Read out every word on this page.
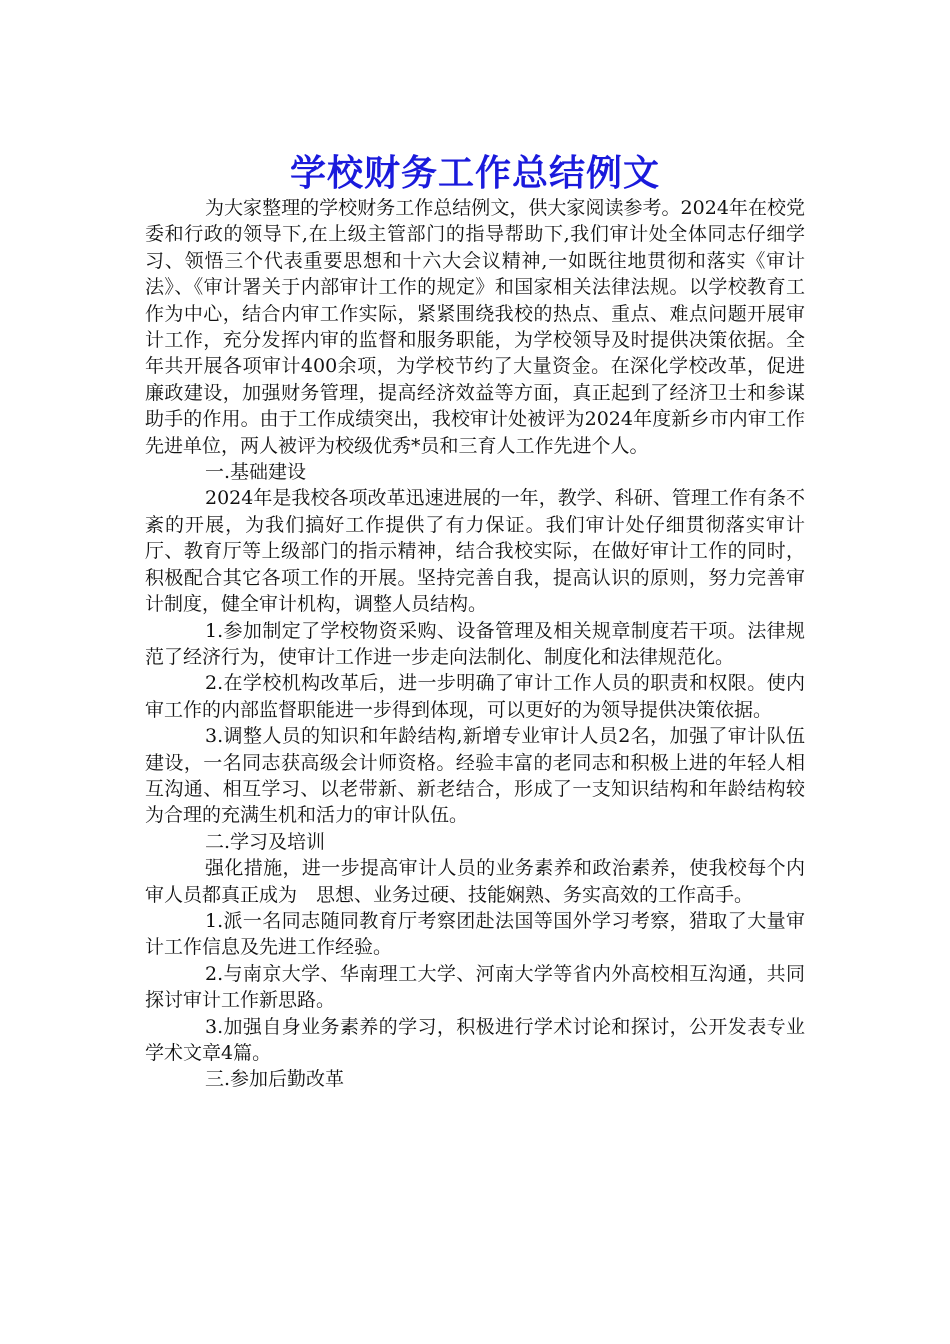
学校财务工作总结例文

为大家整理的学校财务工作总结例文，供大家阅读参考。2024年在校党委和行政的领导下,在上级主管部门的指导帮助下,我们审计处全体同志仔细学习、领悟三个代表重要思想和十六大会议精神,一如既往地贯彻和落实《审计法》、《审计署关于内部审计工作的规定》和国家相关法律法规。以学校教育工作为中心，结合内审工作实际，紧紧围绕我校的热点、重点、难点问题开展审计工作，充分发挥内审的监督和服务职能，为学校领导及时提供决策依据。全年共开展各项审计400余项，为学校节约了大量资金。在深化学校改革，促进廉政建设，加强财务管理，提高经济效益等方面，真正起到了经济卫士和参谋助手的作用。由于工作成绩突出，我校审计处被评为2024年度新乡市内审工作先进单位，两人被评为校级优秀*员和三育人工作先进个人。

一.基础建设

2024年是我校各项改革迅速进展的一年，教学、科研、管理工作有条不紊的开展，为我们搞好工作提供了有力保证。我们审计处仔细贯彻落实审计厅、教育厅等上级部门的指示精神，结合我校实际，在做好审计工作的同时，积极配合其它各项工作的开展。坚持完善自我，提高认识的原则，努力完善审计制度，健全审计机构，调整人员结构。

1.参加制定了学校物资采购、设备管理及相关规章制度若干项。法律规范了经济行为，使审计工作进一步走向法制化、制度化和法律规范化。

2.在学校机构改革后，进一步明确了审计工作人员的职责和权限。使内审工作的内部监督职能进一步得到体现，可以更好的为领导提供决策依据。

3.调整人员的知识和年龄结构,新增专业审计人员2名，加强了审计队伍建设，一名同志获高级会计师资格。经验丰富的老同志和积极上进的年轻人相互沟通、相互学习、以老带新、新老结合，形成了一支知识结构和年龄结构较为合理的充满生机和活力的审计队伍。

二.学习及培训

强化措施，进一步提高审计人员的业务素养和政治素养，使我校每个内审人员都真正成为　思想、业务过硬、技能娴熟、务实高效的工作高手。

1.派一名同志随同教育厅考察团赴法国等国外学习考察，猎取了大量审计工作信息及先进工作经验。

2.与南京大学、华南理工大学、河南大学等省内外高校相互沟通，共同探讨审计工作新思路。

3.加强自身业务素养的学习，积极进行学术讨论和探讨，公开发表专业学术文章4篇。

三.参加后勤改革
